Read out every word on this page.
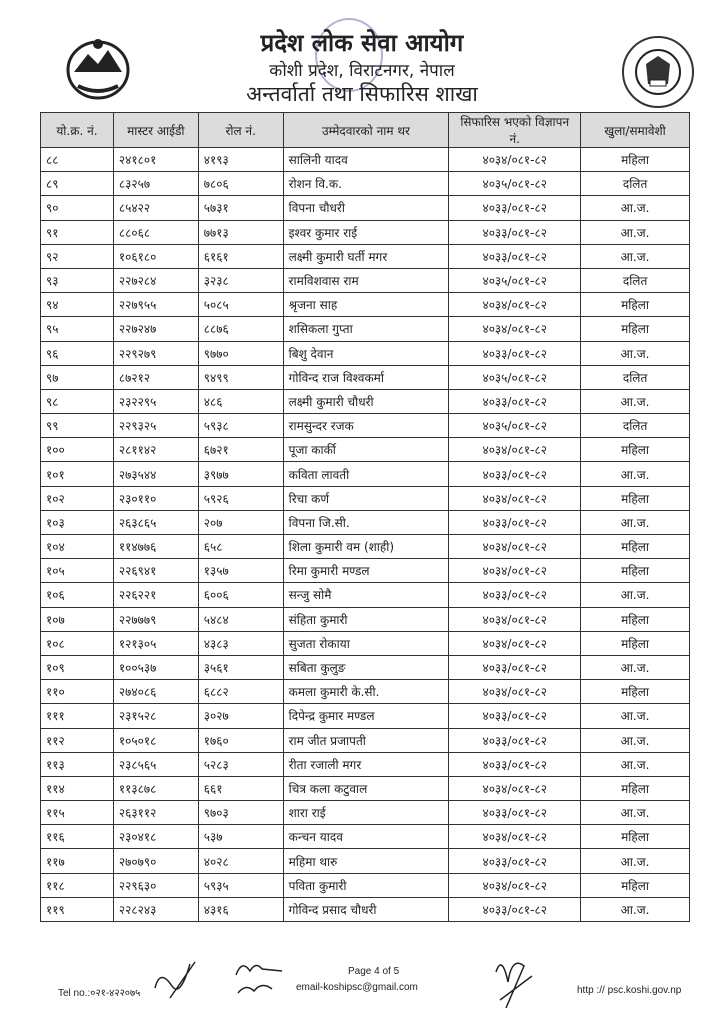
प्रदेश लोक सेवा आयोग
कोशी प्रदेश, विराटनगर, नेपाल
अन्तर्वार्ता तथा सिफारिस शाखा
यो.क्र. नं.	मास्टर आईडी	रोल नं.	उम्मेदवारको नाम थर	सिफारिस भएको विज्ञापन नं.	खुला/समावेशी
८८	२४१८०१	४१९३	सालिनी यादव	४०३४/०८१-८२	महिला
८९	८३२५७	७८०६	रोशन वि.क.	४०३५/०८१-८२	दलित
९०	८५४२२	५७३१	विपना चौधरी	४०३३/०८१-८२	आ.ज.
९१	८८०६८	७७१३	इश्वर कुमार राई	४०३३/०८१-८२	आ.ज.
९२	१०६१८०	६१६१	लक्ष्मी कुमारी घर्ती मगर	४०३३/०८१-८२	आ.ज.
९३	२२७२८४	३२३८	रामविशवास राम	४०३५/०८१-८२	दलित
९४	२२७९५५	५०८५	श्रृजना साह	४०३४/०८१-८२	महिला
९५	२२७२४७	८८७६	शसिकला गुप्ता	४०३४/०८१-८२	महिला
९६	२२९२७९	९७७०	बिशु देवान	४०३३/०८१-८२	आ.ज.
९७	८७२१२	९४९९	गोविन्द राज विश्वकर्मा	४०३५/०८१-८२	दलित
९८	२३२२९५	४८६	लक्ष्मी कुमारी चौधरी	४०३३/०८१-८२	आ.ज.
९९	२२९३२५	५९३८	रामसुन्दर रजक	४०३५/०८१-८२	दलित
१००	२८११४२	६७२१	पूजा कार्की	४०३४/०८१-८२	महिला
१०१	२७३५४४	३९७७	कविता लावती	४०३३/०८१-८२	आ.ज.
१०२	२३०११०	५९२६	रिचा कर्ण	४०३४/०८१-८२	महिला
१०३	२६३८६५	२०७	विपना जि.सी.	४०३३/०८१-८२	आ.ज.
१०४	११४७७६	६५८	शिला कुमारी वम (शाही)	४०३४/०८१-८२	महिला
१०५	२२६९४१	१३५७	रिमा कुमारी मण्डल	४०३४/०८१-८२	महिला
१०६	२२६२२१	६००६	सन्जु सोमै	४०३३/०८१-८२	आ.ज.
१०७	२२७७७९	५४८४	संहिता कुमारी	४०३४/०८१-८२	महिला
१०८	१२१३०५	४३८३	सुजता रोकाया	४०३४/०८१-८२	महिला
१०९	१००५३७	३५६१	सबिता कुलुङ	४०३३/०८१-८२	आ.ज.
११०	२७४०८६	६८८२	कमला कुमारी के.सी.	४०३४/०८१-८२	महिला
१११	२३१५२८	३०२७	दिपेन्द्र कुमार मण्डल	४०३३/०८१-८२	आ.ज.
११२	१०५०१८	१७६०	राम जीत प्रजापती	४०३३/०८१-८२	आ.ज.
११३	२३८५६५	५२८३	रीता रजाली मगर	४०३३/०८१-८२	आ.ज.
११४	११३८७८	६६१	चित्र कला कटुवाल	४०३४/०८१-८२	महिला
११५	२६३११२	९७०३	शारा राई	४०३३/०८१-८२	आ.ज.
११६	२३०४१८	५३७	कन्चन यादव	४०३४/०८१-८२	महिला
११७	२७०७९०	४०२८	महिमा थारु	४०३३/०८१-८२	आ.ज.
११८	२२९६३०	५९३५	पविता कुमारी	४०३४/०८१-८२	महिला
११९	२२८२४३	४३१६	गोविन्द प्रसाद चौधरी	४०३३/०८१-८२	आ.ज.
Tel no.:०२१-४२२०७५
Page 4 of 5
email-koshipsc@gmail.com	http :// psc.koshi.gov.np
